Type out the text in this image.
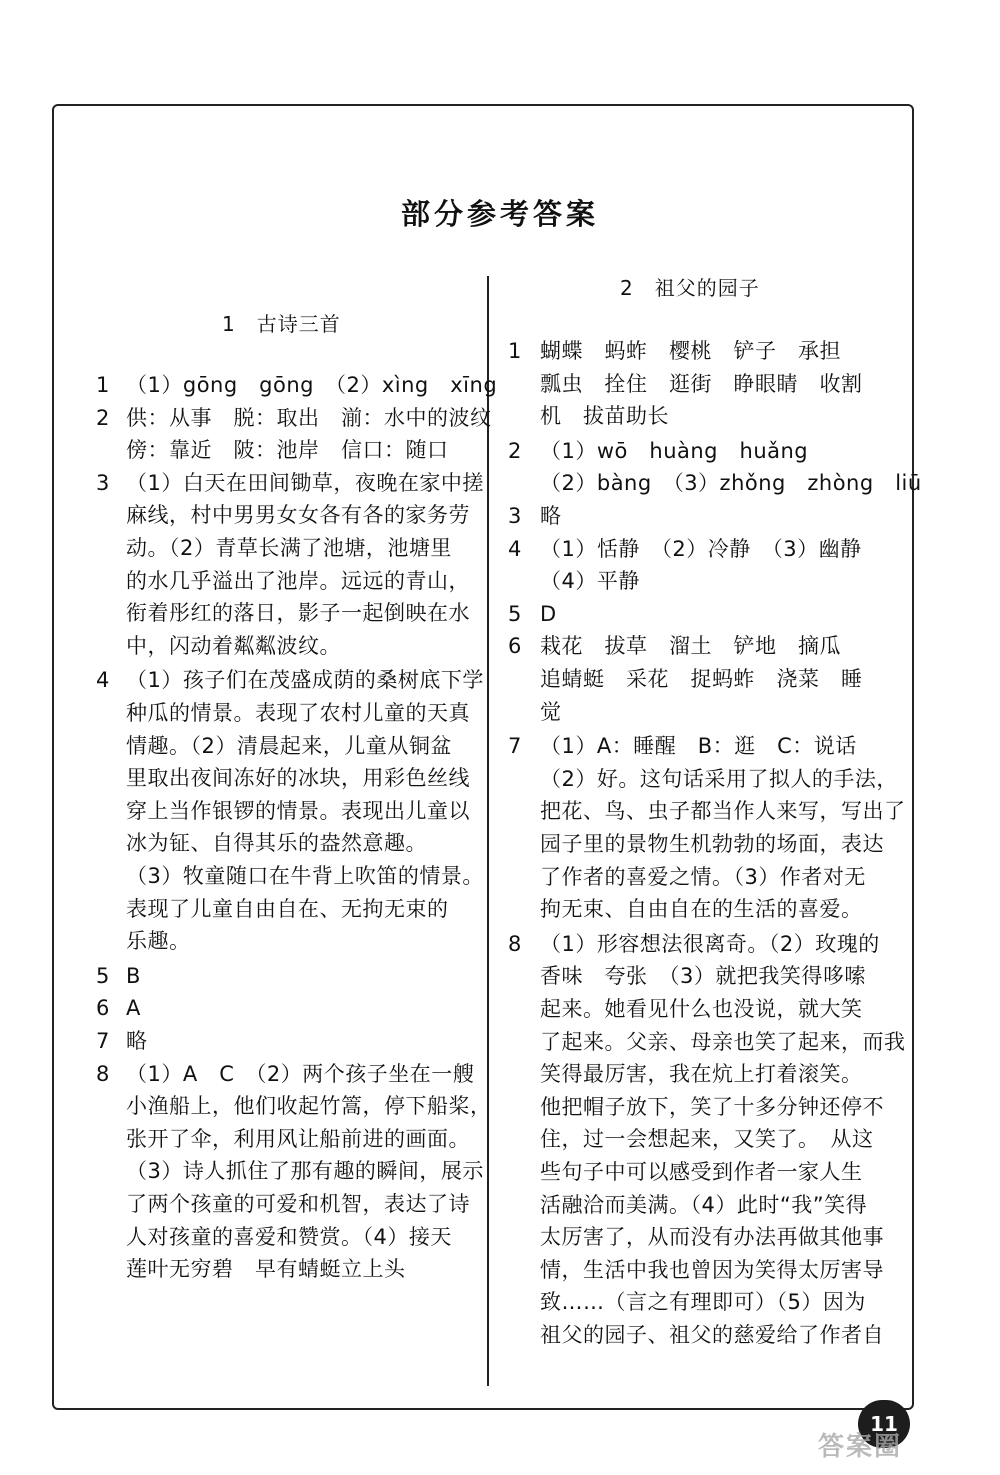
部分参考答案
1　古诗三首
2　祖父的园子
1 （1）gōng　gōng　（2）xìng　xīng
2 供：从事　脱：取出　湔：水中的波纹
傍：靠近　陂：池岸　信口：随口
3 （1）白天在田间锄草，夜晚在家中搓
麻线，村中男男女女各有各的家务劳
动。（2）青草长满了池塘，池塘里
的水几乎溢出了池岸。远远的青山，
衔着彤红的落日，影子一起倒映在水
中，闪动着粼粼波纹。
4 （1）孩子们在茂盛成荫的桑树底下学
种瓜的情景。表现了农村儿童的天真
情趣。（2）清晨起来，儿童从铜盆
里取出夜间冻好的冰块，用彩色丝线
穿上当作银锣的情景。表现出儿童以
冰为钲、自得其乐的盎然意趣。
（3）牧童随口在牛背上吹笛的情景。
表现了儿童自由自在、无拘无束的
乐趣。
5 B
6 A
7 略
8 （1）A　C　（2）两个孩子坐在一艘
小渔船上，他们收起竹篙，停下船桨，
张开了伞，利用风让船前进的画面。
（3）诗人抓住了那有趣的瞬间，展示
了两个孩童的可爱和机智，表达了诗
人对孩童的喜爱和赞赏。（4）接天
莲叶无穷碧　早有蜻蜓立上头
1 蝴蝶　蚂蚱　樱桃　铲子　承担
瓢虫　拴住　逛街　睁眼睛　收割
机　拔苗助长
2 （1）wō　huàng　huǎng
（2）bàng　（3）zhǒng　zhòng　liū
3 略
4 （1）恬静　（2）冷静　（3）幽静
（4）平静
5 D
6 栽花　拔草　溜土　铲地　摘瓜
追蜻蜓　采花　捉蚂蚱　浇菜　睡
觉
7 （1）A：睡醒　B：逛　C：说话
（2）好。这句话采用了拟人的手法，
把花、鸟、虫子都当作人来写，写出了
园子里的景物生机勃勃的场面，表达
了作者的喜爱之情。（3）作者对无
拘无束、自由自在的生活的喜爱。
8 （1）形容想法很离奇。（2）玫瑰的
香味　夸张　（3）就把我笑得哆嗦
起来。她看见什么也没说，就大笑
了起来。父亲、母亲也笑了起来，而我
笑得最厉害，我在炕上打着滚笑。
他把帽子放下，笑了十多分钟还停不
住，过一会想起来，又笑了。　从这
些句子中可以感受到作者一家人生
活融洽而美满。（4）此时“我”笑得
太厉害了，从而没有办法再做其他事
情，生活中我也曾因为笑得太厉害导
致……（言之有理即可）（5）因为
祖父的园子、祖父的慈爱给了作者自
11
答案圈
